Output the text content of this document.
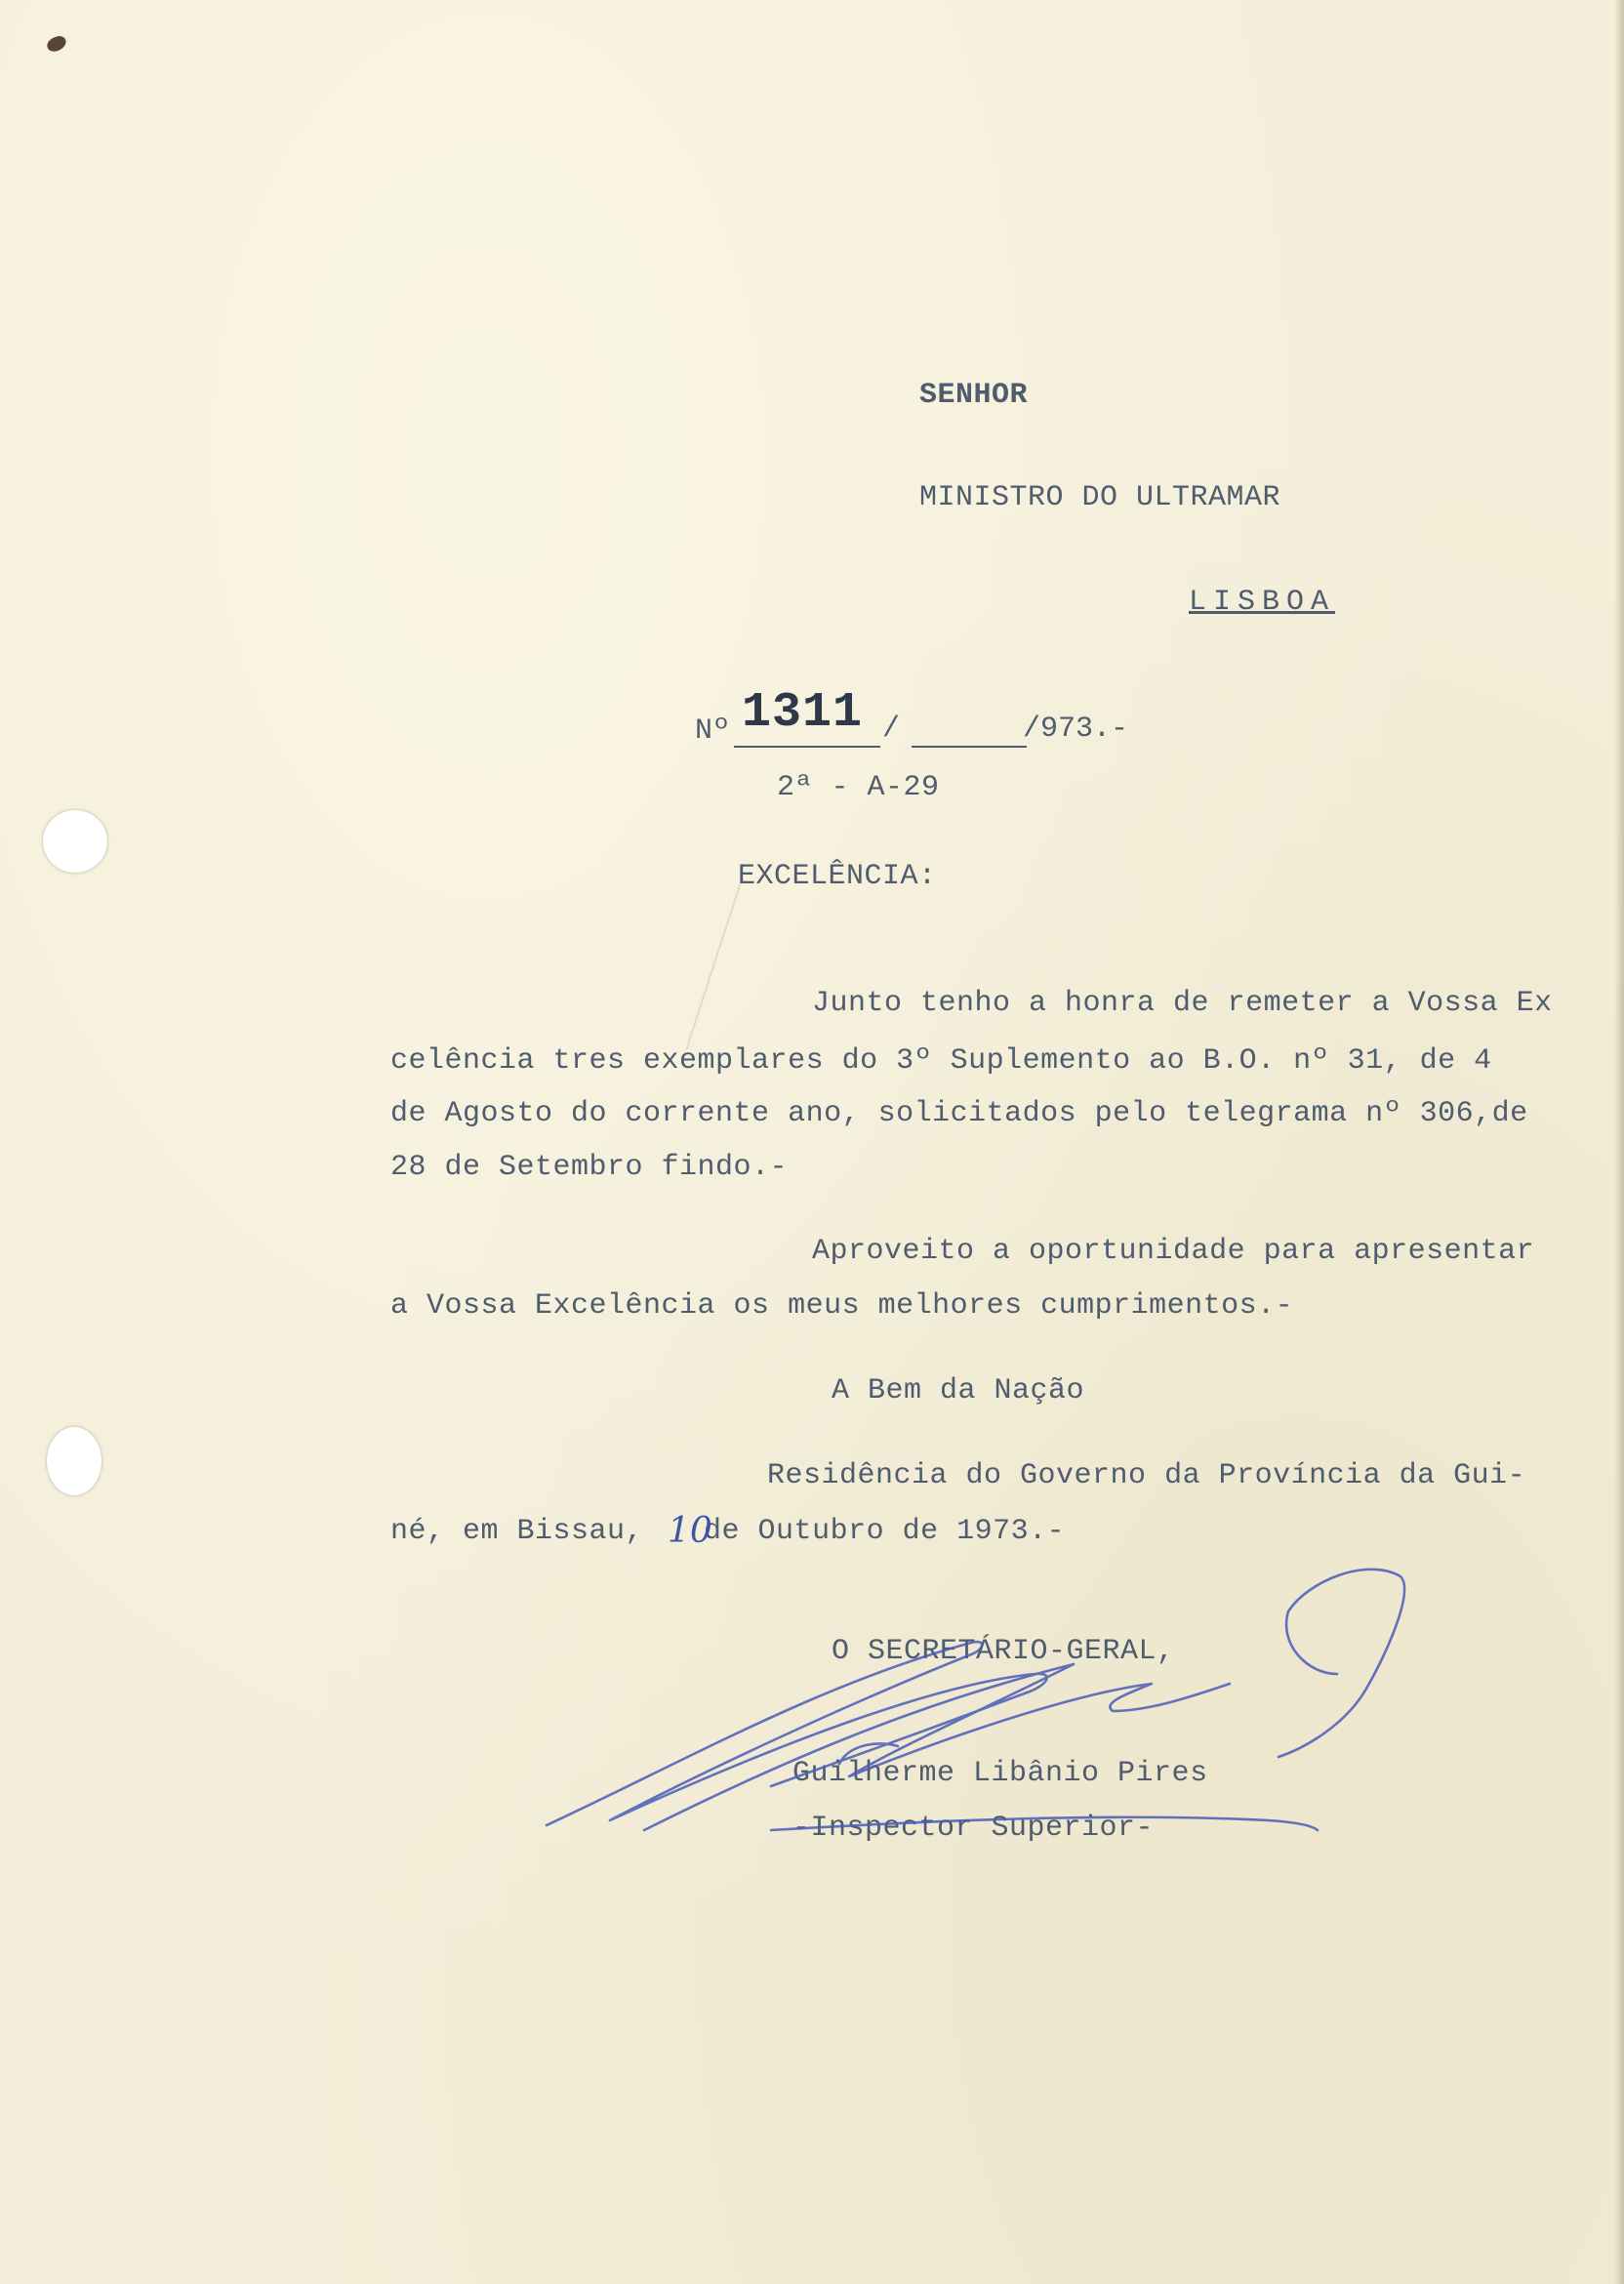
SENHOR
MINISTRO DO ULTRAMAR
LISBOA
Nº 1311 /	/ 973.-
2ª - A-29
EXCELÊNCIA:
Junto tenho a honra de remeter a Vossa Ex
celência tres exemplares do 3º Suplemento ao B.O. nº 31, de 4
de Agosto do corrente ano, solicitados pelo telegrama nº 306,de
28 de Setembro findo.-
Aproveito a oportunidade para apresentar
a Vossa Excelência os meus melhores cumprimentos.-
A Bem da Nação
Residência do Governo da Província da Gui-
né, em Bissau, de Outubro de 1973.-
10
O SECRETÁRIO-GERAL,
Guilherme Libânio Pires
-Inspector Superior-
